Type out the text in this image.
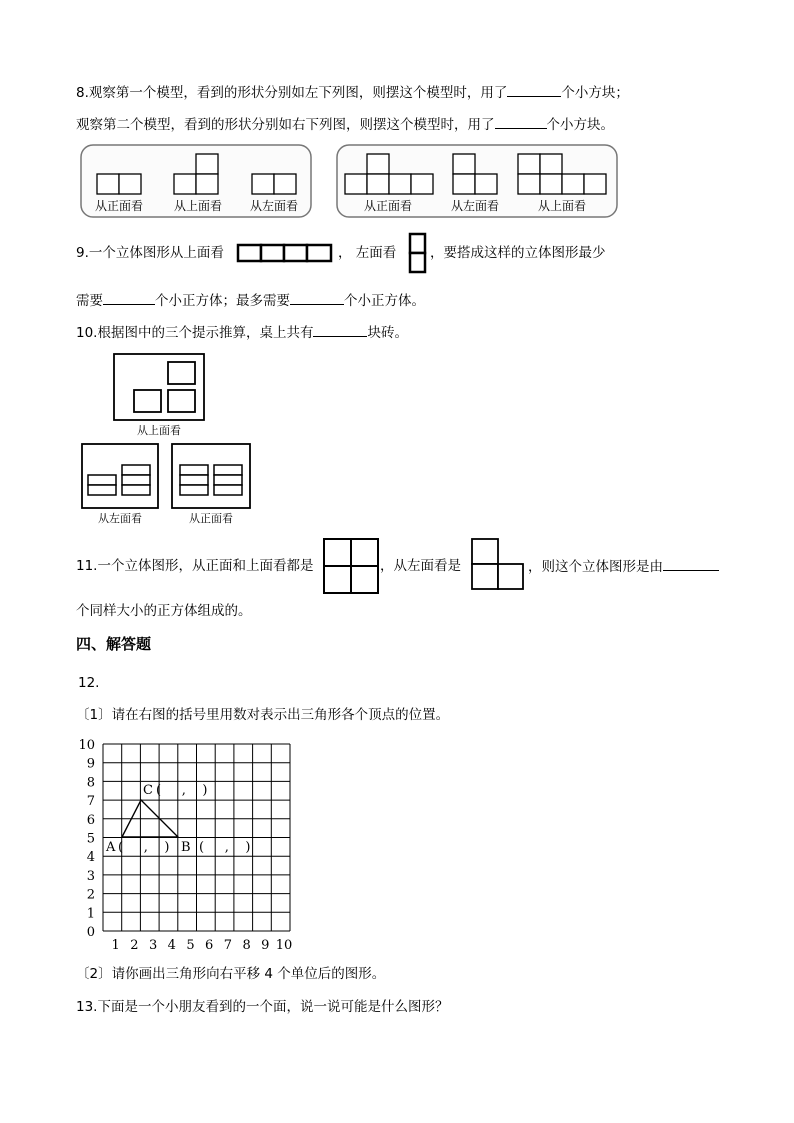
8.观察第一个模型，看到的形状分别如左下列图，则摆这个模型时，用了	个小方块；
观察第二个模型，看到的形状分别如右下列图，则摆这个模型时，用了	个小方块。
从正面看	从上面看 从左面看	从正面看	从左面看	从上面看
9.一个立体图形从上面看	， 左面看 ，要搭成这样的立体图形最少
需要	个小正方体；最多需要	个小正方体。
10.根据图中的三个提示推算，桌上共有	块砖。
从上面看
从左面看	从正面看
11.一个立体图形，从正面和上面看都是	，从左面看是	，则这个立体图形是由
个同样大小的正方体组成的。
四、解答题
12.
〔1〕请在右图的括号里用数对表示出三角形各个顶点的位置。
10
9
8
7
6
5
4
3
2
1
0
1 2 3 4 5 6 7 8 9 10
C (     ,    )
A (     ,    ) B (     ,    )
〔2〕请你画出三角形向右平移 4 个单位后的图形。
13.下面是一个小朋友看到的一个面，说一说可能是什么图形？
